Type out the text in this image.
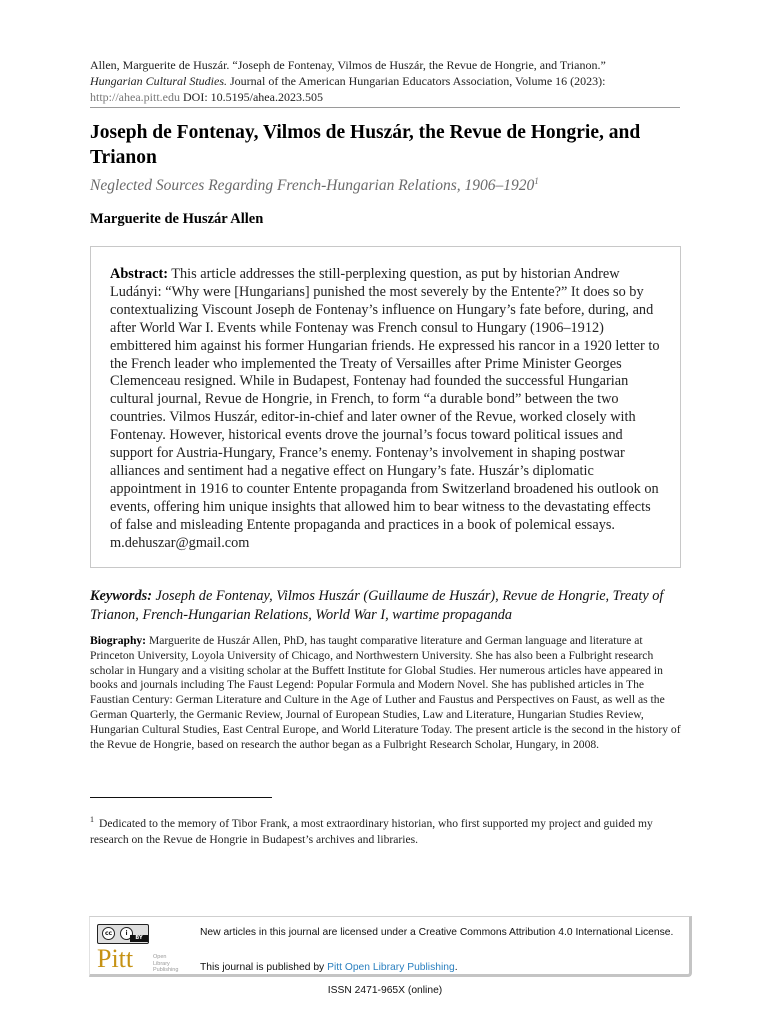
Allen, Marguerite de Huszár. “Joseph de Fontenay, Vilmos de Huszár, the Revue de Hongrie, and Trianon.”
Hungarian Cultural Studies. Journal of the American Hungarian Educators Association, Volume 16 (2023):
http://ahea.pitt.edu DOI: 10.5195/ahea.2023.505
Joseph de Fontenay, Vilmos de Huszár, the Revue de Hongrie, and Trianon
Neglected Sources Regarding French-Hungarian Relations, 1906–1920$^1$
Marguerite de Huszár Allen
Abstract: This article addresses the still-perplexing question, as put by historian Andrew Ludányi: “Why were [Hungarians] punished the most severely by the Entente?” It does so by contextualizing Viscount Joseph de Fontenay’s influence on Hungary’s fate before, during, and after World War I. Events while Fontenay was French consul to Hungary (1906–1912) embittered him against his former Hungarian friends. He expressed his rancor in a 1920 letter to the French leader who implemented the Treaty of Versailles after Prime Minister Georges Clemenceau resigned. While in Budapest, Fontenay had founded the successful Hungarian cultural journal, Revue de Hongrie, in French, to form “a durable bond” between the two countries. Vilmos Huszár, editor-in-chief and later owner of the Revue, worked closely with Fontenay. However, historical events drove the journal’s focus toward political issues and support for Austria-Hungary, France’s enemy. Fontenay’s involvement in shaping postwar alliances and sentiment had a negative effect on Hungary’s fate. Huszár’s diplomatic appointment in 1916 to counter Entente propaganda from Switzerland broadened his outlook on events, offering him unique insights that allowed him to bear witness to the devastating effects of false and misleading Entente propaganda and practices in a book of polemical essays. m.dehuszar@gmail.com
Keywords: Joseph de Fontenay, Vilmos Huszár (Guillaume de Huszár), Revue de Hongrie, Treaty of Trianon, French-Hungarian Relations, World War I, wartime propaganda
Biography: Marguerite de Huszár Allen, PhD, has taught comparative literature and German language and literature at Princeton University, Loyola University of Chicago, and Northwestern University. She has also been a Fulbright research scholar in Hungary and a visiting scholar at the Buffett Institute for Global Studies. Her numerous articles have appeared in books and journals including The Faust Legend: Popular Formula and Modern Novel. She has published articles in The Faustian Century: German Literature and Culture in the Age of Luther and Faustus and Perspectives on Faust, as well as the German Quarterly, the Germanic Review, Journal of European Studies, Law and Literature, Hungarian Studies Review, Hungarian Cultural Studies, East Central Europe, and World Literature Today. The present article is the second in the history of the Revue de Hongrie, based on research the author began as a Fulbright Research Scholar, Hungary, in 2008.
$^1$ Dedicated to the memory of Tibor Frank, a most extraordinary historian, who first supported my project and guided my research on the Revue de Hongrie in Budapest’s archives and libraries.
cc	i
BY
Pitt	Open
Library
Publishing
New articles in this journal are licensed under a Creative Commons Attribution 4.0 International License.
This journal is published by Pitt Open Library Publishing.
ISSN 2471-965X (online)
